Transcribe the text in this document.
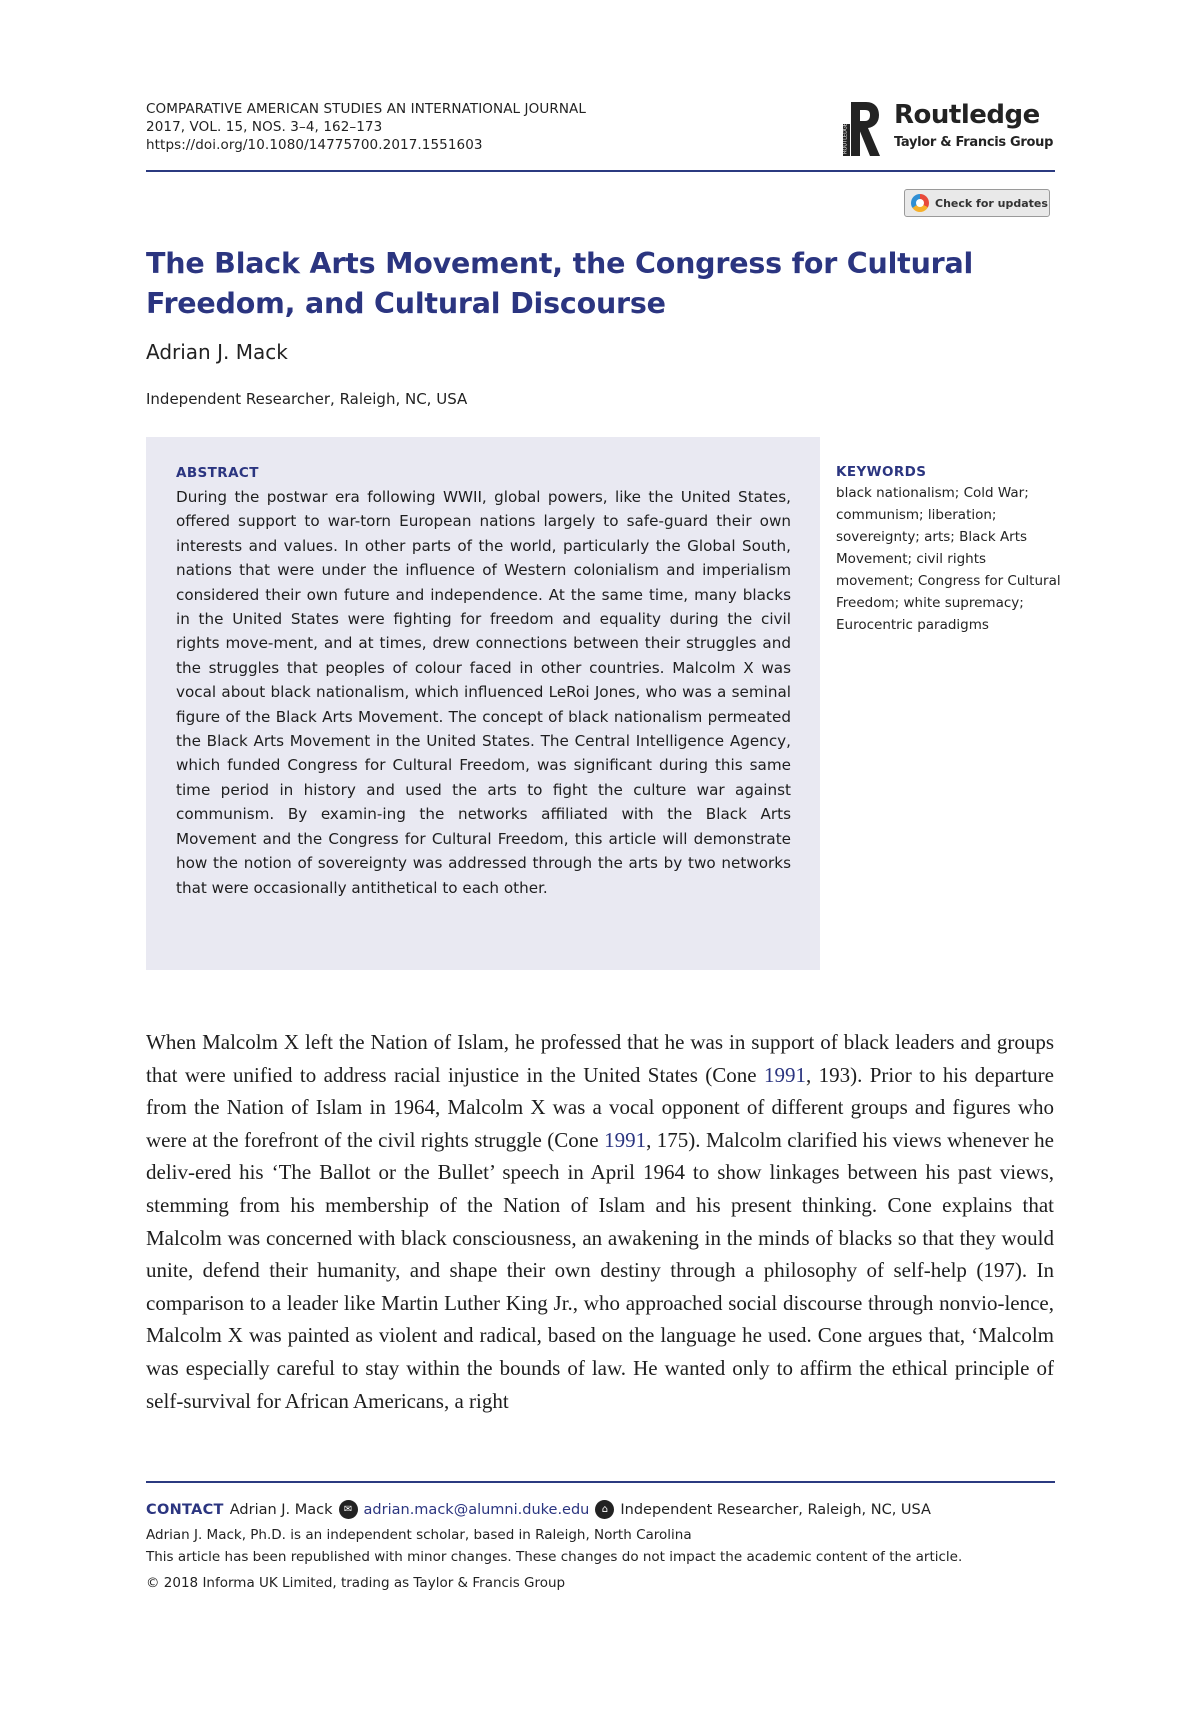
COMPARATIVE AMERICAN STUDIES AN INTERNATIONAL JOURNAL
2017, VOL. 15, NOS. 3–4, 162–173
https://doi.org/10.1080/14775700.2017.1551603	ROUTLEDGE
Routledge
Taylor & Francis Group
Check for updates
The Black Arts Movement, the Congress for Cultural Freedom, and Cultural Discourse
Adrian J. Mack
Independent Researcher, Raleigh, NC, USA
ABSTRACT

During the postwar era following WWII, global powers, like the United States, offered support to war-torn European nations largely to safe-guard their own interests and values. In other parts of the world, particularly the Global South, nations that were under the influence of Western colonialism and imperialism considered their own future and independence. At the same time, many blacks in the United States were fighting for freedom and equality during the civil rights move-ment, and at times, drew connections between their struggles and the struggles that peoples of colour faced in other countries. Malcolm X was vocal about black nationalism, which influenced LeRoi Jones, who was a seminal figure of the Black Arts Movement. The concept of black nationalism permeated the Black Arts Movement in the United States. The Central Intelligence Agency, which funded Congress for Cultural Freedom, was significant during this same time period in history and used the arts to fight the culture war against communism. By examin-ing the networks affiliated with the Black Arts Movement and the Congress for Cultural Freedom, this article will demonstrate how the notion of sovereignty was addressed through the arts by two networks that were occasionally antithetical to each other.

KEYWORDS

black nationalism; Cold War; communism; liberation; sovereignty; arts; Black Arts Movement; civil rights movement; Congress for Cultural Freedom; white supremacy; Eurocentric paradigms

When Malcolm X left the Nation of Islam, he professed that he was in support of black leaders and groups that were unified to address racial injustice in the United States (Cone 1991, 193). Prior to his departure from the Nation of Islam in 1964, Malcolm X was a vocal opponent of different groups and figures who were at the forefront of the civil rights struggle (Cone 1991, 175). Malcolm clarified his views whenever he deliv-ered his ‘The Ballot or the Bullet’ speech in April 1964 to show linkages between his past views, stemming from his membership of the Nation of Islam and his present thinking. Cone explains that Malcolm was concerned with black consciousness, an awakening in the minds of blacks so that they would unite, defend their humanity, and shape their own destiny through a philosophy of self-help (197). In comparison to a leader like Martin Luther King Jr., who approached social discourse through nonvio-lence, Malcolm X was painted as violent and radical, based on the language he used. Cone argues that, ‘Malcolm was especially careful to stay within the bounds of law. He wanted only to affirm the ethical principle of self-survival for African Americans, a right

CONTACT Adrian J. Mack	✉ adrian.mack@alumni.duke.edu	⌂ Independent Researcher, Raleigh, NC, USA
Adrian J. Mack, Ph.D. is an independent scholar, based in Raleigh, North Carolina
This article has been republished with minor changes. These changes do not impact the academic content of the article.
© 2018 Informa UK Limited, trading as Taylor & Francis Group
